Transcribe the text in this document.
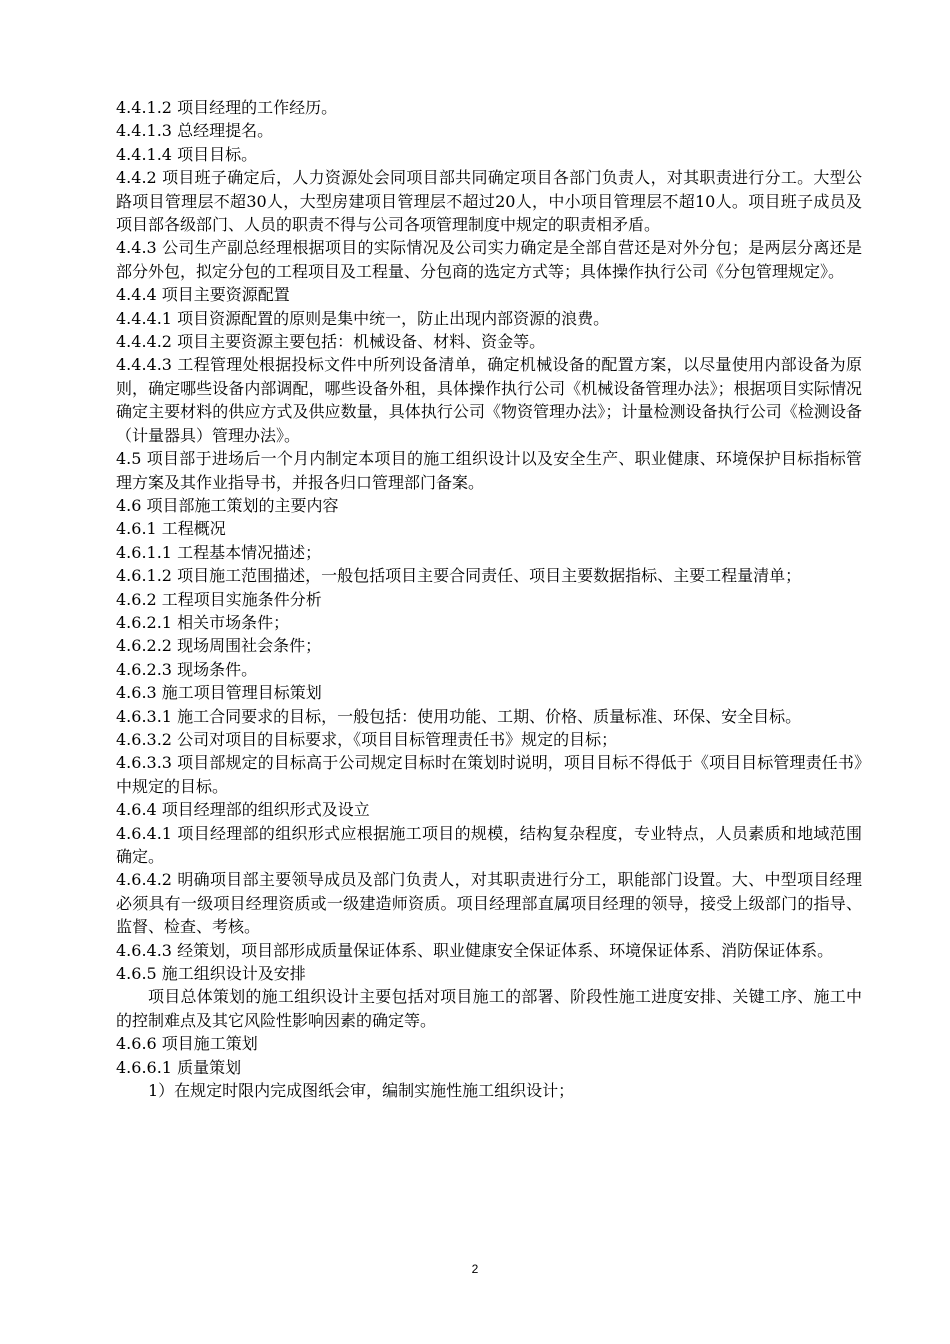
4.4.1.2 项目经理的工作经历。

4.4.1.3 总经理提名。

4.4.1.4 项目目标。

4.4.2 项目班子确定后，人力资源处会同项目部共同确定项目各部门负责人，对其职责进行分工。大型公路项目管理层不超30人，大型房建项目管理层不超过20人，中小项目管理层不超10人。项目班子成员及项目部各级部门、人员的职责不得与公司各项管理制度中规定的职责相矛盾。

4.4.3 公司生产副总经理根据项目的实际情况及公司实力确定是全部自营还是对外分包；是两层分离还是部分外包，拟定分包的工程项目及工程量、分包商的选定方式等；具体操作执行公司《分包管理规定》。

4.4.4 项目主要资源配置

4.4.4.1 项目资源配置的原则是集中统一，防止出现内部资源的浪费。

4.4.4.2 项目主要资源主要包括：机械设备、材料、资金等。

4.4.4.3 工程管理处根据投标文件中所列设备清单，确定机械设备的配置方案，以尽量使用内部设备为原则，确定哪些设备内部调配，哪些设备外租，具体操作执行公司《机械设备管理办法》；根据项目实际情况确定主要材料的供应方式及供应数量，具体执行公司《物资管理办法》；计量检测设备执行公司《检测设备（计量器具）管理办法》。

4.5 项目部于进场后一个月内制定本项目的施工组织设计以及安全生产、职业健康、环境保护目标指标管理方案及其作业指导书，并报各归口管理部门备案。

4.6 项目部施工策划的主要内容

4.6.1 工程概况

4.6.1.1 工程基本情况描述；

4.6.1.2 项目施工范围描述，一般包括项目主要合同责任、项目主要数据指标、主要工程量清单；

4.6.2 工程项目实施条件分析

4.6.2.1 相关市场条件；

4.6.2.2 现场周围社会条件；

4.6.2.3 现场条件。

4.6.3 施工项目管理目标策划

4.6.3.1 施工合同要求的目标，一般包括：使用功能、工期、价格、质量标准、环保、安全目标。

4.6.3.2 公司对项目的目标要求，《项目目标管理责任书》规定的目标；

4.6.3.3 项目部规定的目标高于公司规定目标时在策划时说明，项目目标不得低于《项目目标管理责任书》中规定的目标。

4.6.4 项目经理部的组织形式及设立

4.6.4.1 项目经理部的组织形式应根据施工项目的规模，结构复杂程度，专业特点，人员素质和地域范围确定。

4.6.4.2 明确项目部主要领导成员及部门负责人，对其职责进行分工，职能部门设置。大、中型项目经理必须具有一级项目经理资质或一级建造师资质。项目经理部直属项目经理的领导，接受上级部门的指导、监督、检查、考核。

4.6.4.3 经策划，项目部形成质量保证体系、职业健康安全保证体系、环境保证体系、消防保证体系。

4.6.5 施工组织设计及安排

项目总体策划的施工组织设计主要包括对项目施工的部署、阶段性施工进度安排、关键工序、施工中的控制难点及其它风险性影响因素的确定等。

4.6.6 项目施工策划

4.6.6.1 质量策划

1）在规定时限内完成图纸会审，编制实施性施工组织设计；

2
